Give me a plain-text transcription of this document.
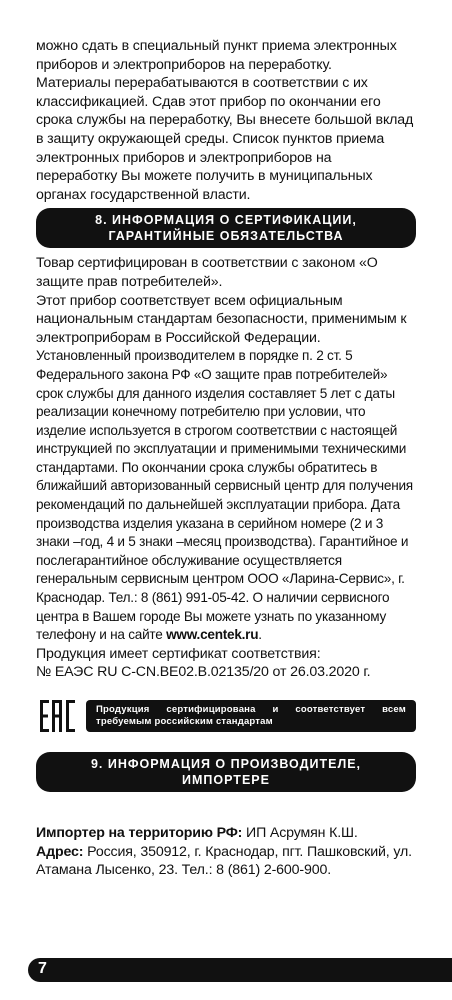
можно сдать в специальный пункт приема электронных приборов и электроприборов на переработку.

Материалы перерабатываются в соответствии с их классификацией. Сдав этот прибор по окончании его срока службы на переработку, Вы внесете большой вклад в защиту окружающей среды. Список пунктов приема электронных приборов и электроприборов на переработку Вы можете получить в муниципальных органах государственной власти.

8. ИНФОРМАЦИЯ О СЕРТИФИКАЦИИ,
ГАРАНТИЙНЫЕ ОБЯЗАТЕЛЬСТВА

Товар сертифицирован в соответствии с законом «О защите прав потребителей».

Этот прибор соответствует всем официальным национальным стандартам безопасности, применимым к электроприборам в Российской Федерации.

Установленный производителем в порядке п. 2 ст. 5 Федерального закона РФ «О защите прав потребителей» срок службы для данного изделия составляет 5 лет с даты реализации конечному потребителю при условии, что изделие используется в строгом соответствии с настоящей инструкцией по эксплуатации и применимыми техническими стандартами. По окончании срока службы обратитесь в ближайший авторизованный сервисный центр для получения рекомендаций по дальнейшей эксплуатации прибора. Дата производства изделия указана в серийном номере (2 и 3 знаки –год, 4 и 5 знаки –месяц производства). Гарантийное и послегарантийное обслуживание осуществляется генеральным сервисным центром ООО «Ларина-Сервис», г. Краснодар. Тел.: 8 (861) 991-05-42. О наличии сервисного центра в Вашем городе Вы можете узнать по указанному телефону и на сайте www.centek.ru.

Продукция имеет сертификат соответствия:

№ ЕАЭС RU C-CN.BE02.B.02135/20 от 26.03.2020 г.

Продукция сертифицирована и соответствует всем требуемым российским стандартам
9. ИНФОРМАЦИЯ О ПРОИЗВОДИТЕЛЕ,
ИМПОРТЕРЕ

Импортер на территорию РФ: ИП Асрумян К.Ш.

Адрес: Россия, 350912, г. Краснодар, пгт. Пашковский, ул. Атамана Лысенко, 23. Тел.: 8 (861) 2-600-900.

7
